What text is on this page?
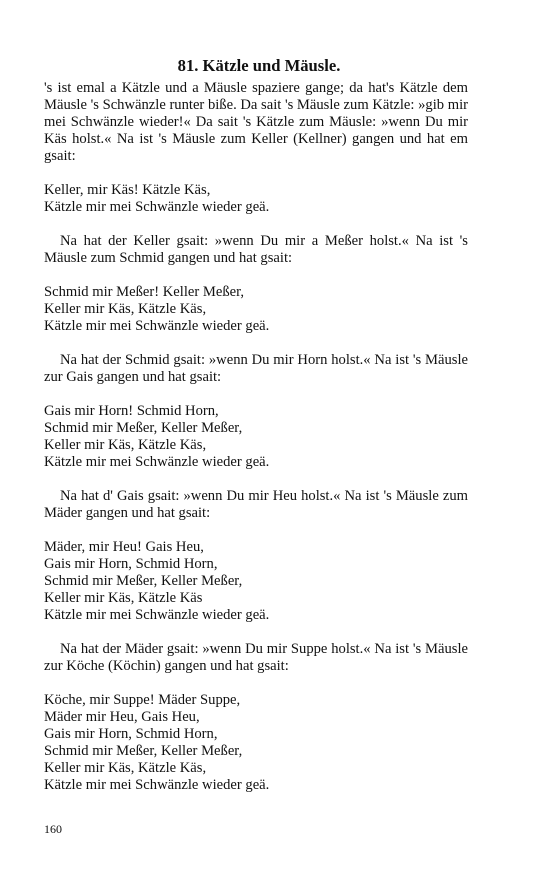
81. Kätzle und Mäusle.

's ist emal a Kätzle und a Mäusle spaziere gange; da hat's Kätzle dem Mäusle 's Schwänzle runter bißе. Da sait 's Mäusle zum Kätzle: »gib mir mei Schwänzle wieder!« Da sait 's Kätzle zum Mäusle: »wenn Du mir Käs holst.« Na ist 's Mäusle zum Keller (Kellner) gangen und hat em gsait:

Keller, mir Käs! Kätzle Käs,
Kätzle mir mei Schwänzle wieder geä.

Na hat der Keller gsait: »wenn Du mir a Meßer holst.« Na ist 's Mäusle zum Schmid gangen und hat gsait:

Schmid mir Meßer! Keller Meßer,
Keller mir Käs, Kätzle Käs,
Kätzle mir mei Schwänzle wieder geä.

Na hat der Schmid gsait: »wenn Du mir Horn holst.« Na ist 's Mäusle zur Gais gangen und hat gsait:

Gais mir Horn! Schmid Horn,
Schmid mir Meßer, Keller Meßer,
Keller mir Käs, Kätzle Käs,
Kätzle mir mei Schwänzle wieder geä.

Na hat d' Gais gsait: »wenn Du mir Heu holst.« Na ist 's Mäusle zum Mäder gangen und hat gsait:

Mäder, mir Heu! Gais Heu,
Gais mir Horn, Schmid Horn,
Schmid mir Meßer, Keller Meßer,
Keller mir Käs, Kätzle Käs
Kätzle mir mei Schwänzle wieder geä.

Na hat der Mäder gsait: »wenn Du mir Suppe holst.« Na ist 's Mäusle zur Köche (Köchin) gangen und hat gsait:

Köche, mir Suppe! Mäder Suppe,
Mäder mir Heu, Gais Heu,
Gais mir Horn, Schmid Horn,
Schmid mir Meßer, Keller Meßer,
Keller mir Käs, Kätzle Käs,
Kätzle mir mei Schwänzle wieder geä.
160
